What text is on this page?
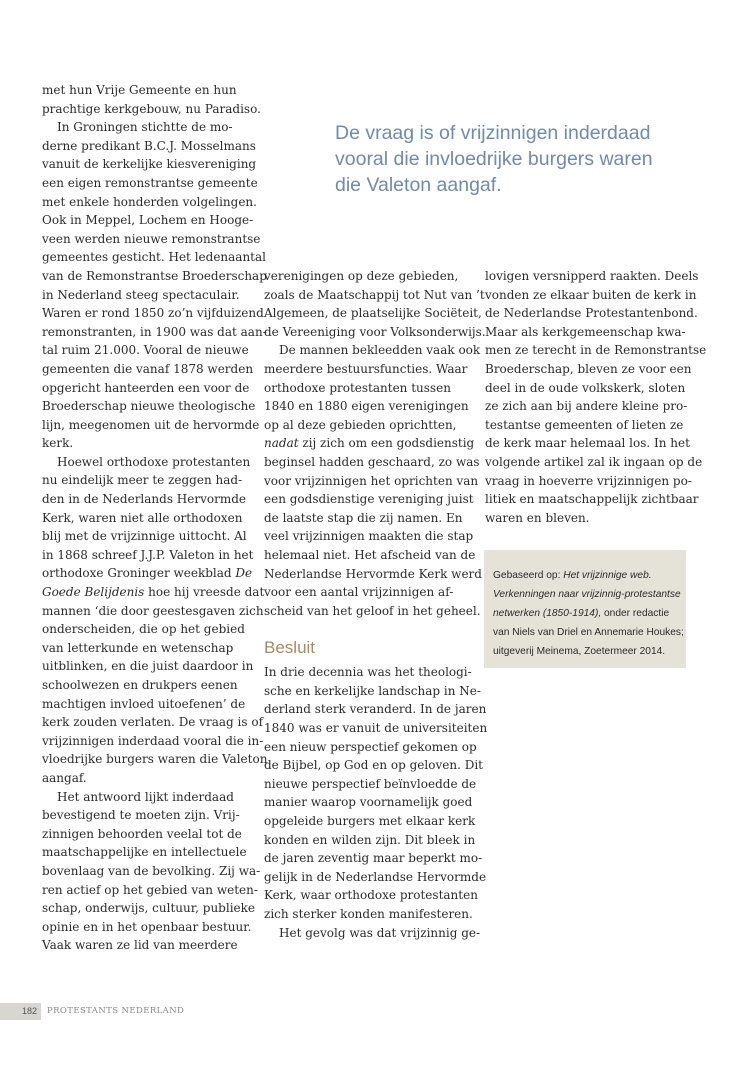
De vraag is of vrijzinnigen inderdaad

vooral die invloedrijke burgers waren

die Valeton aangaf.

met hun Vrije Gemeente en hun

prachtige kerkgebouw, nu Paradiso.

In Groningen stichtte de mo-

derne predikant B.C.J. Mosselmans

vanuit de kerkelijke kiesvereniging

een eigen remonstrantse gemeente

met enkele honderden volgelingen.

Ook in Meppel, Lochem en Hooge-

veen werden nieuwe remonstrantse

gemeentes gesticht. Het ledenaantal

van de Remonstrantse Broederschap

in Nederland steeg spectaculair.

Waren er rond 1850 zo’n vijfduizend

remonstranten, in 1900 was dat aan-

tal ruim 21.000. Vooral de nieuwe

gemeenten die vanaf 1878 werden

opgericht hanteerden een voor de

Broederschap nieuwe theologische

lijn, meegenomen uit de hervormde

kerk.

Hoewel orthodoxe protestanten

nu eindelijk meer te zeggen had-

den in de Nederlands Hervormde

Kerk, waren niet alle orthodoxen

blij met de vrijzinnige uittocht. Al

in 1868 schreef J.J.P. Valeton in het

orthodoxe Groninger weekblad De

Goede Belijdenis hoe hij vreesde dat

mannen ‘die door geestesgaven zich

onderscheiden, die op het gebied

van letterkunde en wetenschap

uitblinken, en die juist daardoor in

schoolwezen en drukpers eenen

machtigen invloed uitoefenen’ de

kerk zouden verlaten. De vraag is of

vrijzinnigen inderdaad vooral die in-

vloedrijke burgers waren die Valeton

aangaf.

Het antwoord lijkt inderdaad

bevestigend te moeten zijn. Vrij-

zinnigen behoorden veelal tot de

maatschappelijke en intellectuele

bovenlaag van de bevolking. Zij wa-

ren actief op het gebied van weten-

schap, onderwijs, cultuur, publieke

opinie en in het openbaar bestuur.

Vaak waren ze lid van meerdere

verenigingen op deze gebieden,

zoals de Maatschappij tot Nut van ’t

Algemeen, de plaatselijke Sociëteit,

de Vereeniging voor Volksonderwijs.

De mannen bekleedden vaak ook

meerdere bestuursfuncties. Waar

orthodoxe protestanten tussen

1840 en 1880 eigen verenigingen

op al deze gebieden oprichtten,

nadat zij zich om een godsdienstig

beginsel hadden geschaard, zo was

voor vrijzinnigen het oprichten van

een godsdienstige vereniging juist

de laatste stap die zij namen. En

veel vrijzinnigen maakten die stap

helemaal niet. Het afscheid van de

Nederlandse Hervormde Kerk werd

voor een aantal vrijzinnigen af-

scheid van het geloof in het geheel.

Besluit

In drie decennia was het theologi-

sche en kerkelijke landschap in Ne-

derland sterk veranderd. In de jaren

1840 was er vanuit de universiteiten

een nieuw perspectief gekomen op

de Bijbel, op God en op geloven. Dit

nieuwe perspectief beïnvloedde de

manier waarop voornamelijk goed

opgeleide burgers met elkaar kerk

konden en wilden zijn. Dit bleek in

de jaren zeventig maar beperkt mo-

gelijk in de Nederlandse Hervormde

Kerk, waar orthodoxe protestanten

zich sterker konden manifesteren.

Het gevolg was dat vrijzinnig ge-

lovigen versnipperd raakten. Deels

vonden ze elkaar buiten de kerk in

de Nederlandse Protestantenbond.

Maar als kerkgemeenschap kwa-

men ze terecht in de Remonstrantse

Broederschap, bleven ze voor een

deel in de oude volkskerk, sloten

ze zich aan bij andere kleine pro-

testantse gemeenten of lieten ze

de kerk maar helemaal los. In het

volgende artikel zal ik ingaan op de

vraag in hoeverre vrijzinnigen po-

litiek en maatschappelijk zichtbaar

waren en bleven.

Gebaseerd op: Het vrijzinnige web.

Verkenningen naar vrijzinnig-protestantse

netwerken (1850-1914), onder redactie

van Niels van Driel en Annemarie Houkes;

uitgeverij Meinema, Zoetermeer 2014.

182	PROTESTANTS NEDERLAND
